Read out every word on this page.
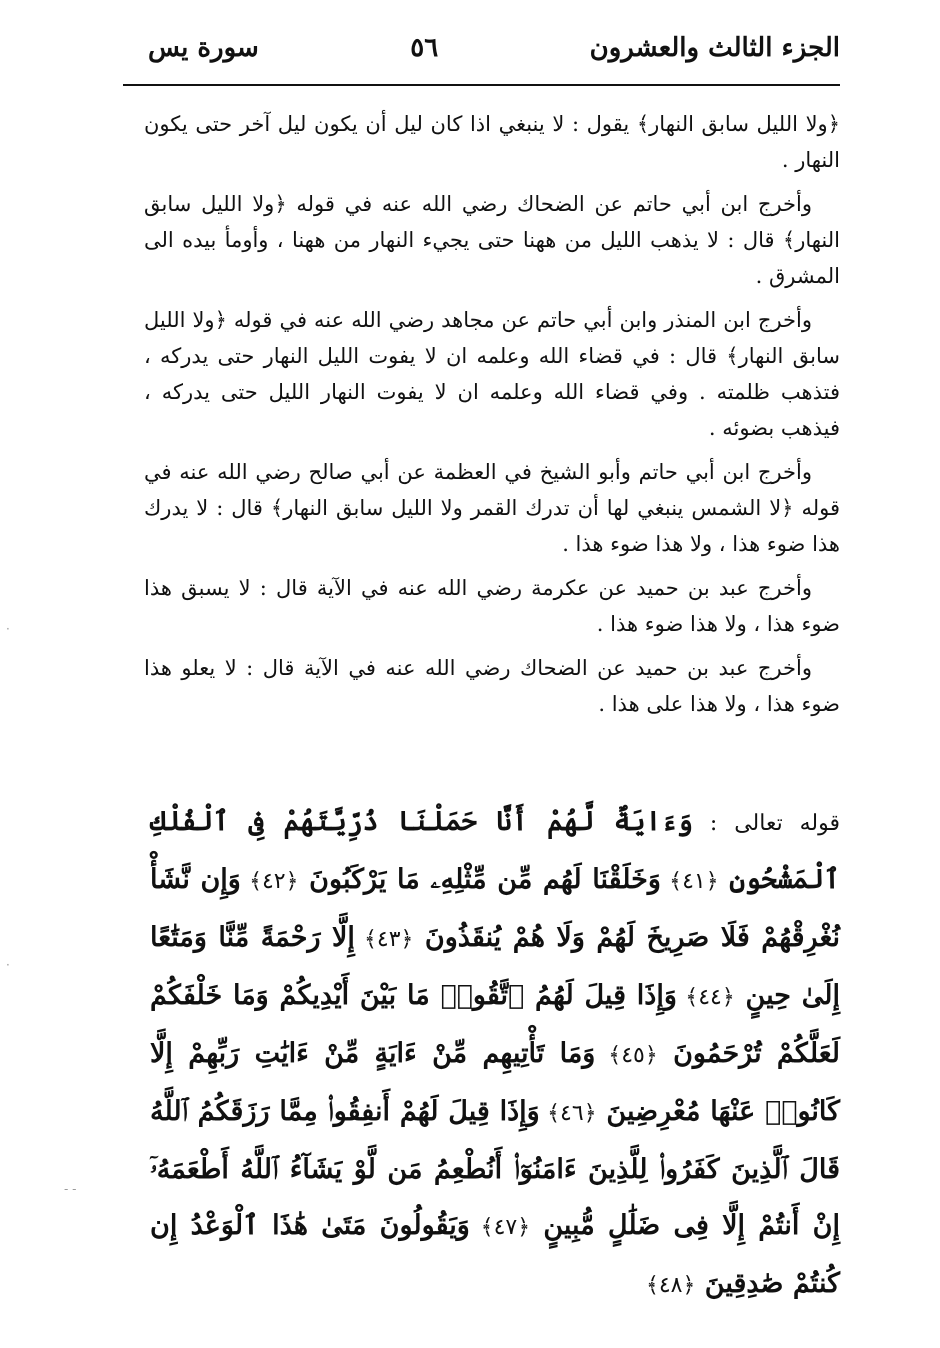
الجزء الثالث والعشرون
٥٦
سورة يس

﴿ولا الليل سابق النهار﴾ يقول : لا ينبغي اذا كان ليل أن يكون ليل آخر حتى يكون النهار .

وأخرج ابن أبي حاتم عن الضحاك رضي الله عنه في قوله ﴿ولا الليل سابق النهار﴾ قال : لا يذهب الليل من ههنا حتى يجيء النهار من ههنا ، وأومأ بيده الى المشرق .

وأخرج ابن المنذر وابن أبي حاتم عن مجاهد رضي الله عنه في قوله ﴿ولا الليل سابق النهار﴾ قال : في قضاء الله وعلمه ان لا يفوت الليل النهار حتى يدركه ، فتذهب ظلمته . وفي قضاء الله وعلمه ان لا يفوت النهار الليل حتى يدركه ، فيذهب بضوئه .

وأخرج ابن أبي حاتم وأبو الشيخ في العظمة عن أبي صالح رضي الله عنه في قوله ﴿لا الشمس ينبغي لها أن تدرك القمر ولا الليل سابق النهار﴾ قال : لا يدرك هذا ضوء هذا ، ولا هذا ضوء هذا .

وأخرج عبد بن حميد عن عكرمة رضي الله عنه في الآية قال : لا يسبق هذا ضوء هذا ، ولا هذا ضوء هذا .

وأخرج عبد بن حميد عن الضحاك رضي الله عنه في الآية قال : لا يعلو هذا ضوء هذا ، ولا هذا على هذا .

قوله تعالى : وَءَايَةٌ لَّهُمْ أَنَّا حَمَلْنَا ذُرِّيَّتَهُمْ فِى ٱلْفُلْكِ ٱلْمَشْحُونِ ﴿٤١﴾ وَخَلَقْنَا لَهُم مِّن مِّثْلِهِۦ مَا يَرْكَبُونَ ﴿٤٢﴾ وَإِن نَّشَأْ نُغْرِقْهُمْ فَلَا صَرِيخَ لَهُمْ وَلَا هُمْ يُنقَذُونَ ﴿٤٣﴾ إِلَّا رَحْمَةً مِّنَّا وَمَتَٰعًا إِلَىٰ حِينٍ ﴿٤٤﴾ وَإِذَا قِيلَ لَهُمُ ٱتَّقُوا۟ مَا بَيْنَ أَيْدِيكُمْ وَمَا خَلْفَكُمْ لَعَلَّكُمْ تُرْحَمُونَ ﴿٤٥﴾ وَمَا تَأْتِيهِم مِّنْ ءَايَةٍ مِّنْ ءَايَٰتِ رَبِّهِمْ إِلَّا كَانُوا۟ عَنْهَا مُعْرِضِينَ ﴿٤٦﴾ وَإِذَا قِيلَ لَهُمْ أَنفِقُوا۟ مِمَّا رَزَقَكُمُ ٱللَّهُ قَالَ ٱلَّذِينَ كَفَرُوا۟ لِلَّذِينَ ءَامَنُوٓا۟ أَنُطْعِمُ مَن لَّوْ يَشَآءُ ٱللَّهُ أَطْعَمَهُۥٓ إِنْ أَنتُمْ إِلَّا فِى ضَلَٰلٍ مُّبِينٍ ﴿٤٧﴾ وَيَقُولُونَ مَتَىٰ هَٰذَا ٱلْوَعْدُ إِن كُنتُمْ صَٰدِقِينَ ﴿٤٨﴾
·
·
- -
